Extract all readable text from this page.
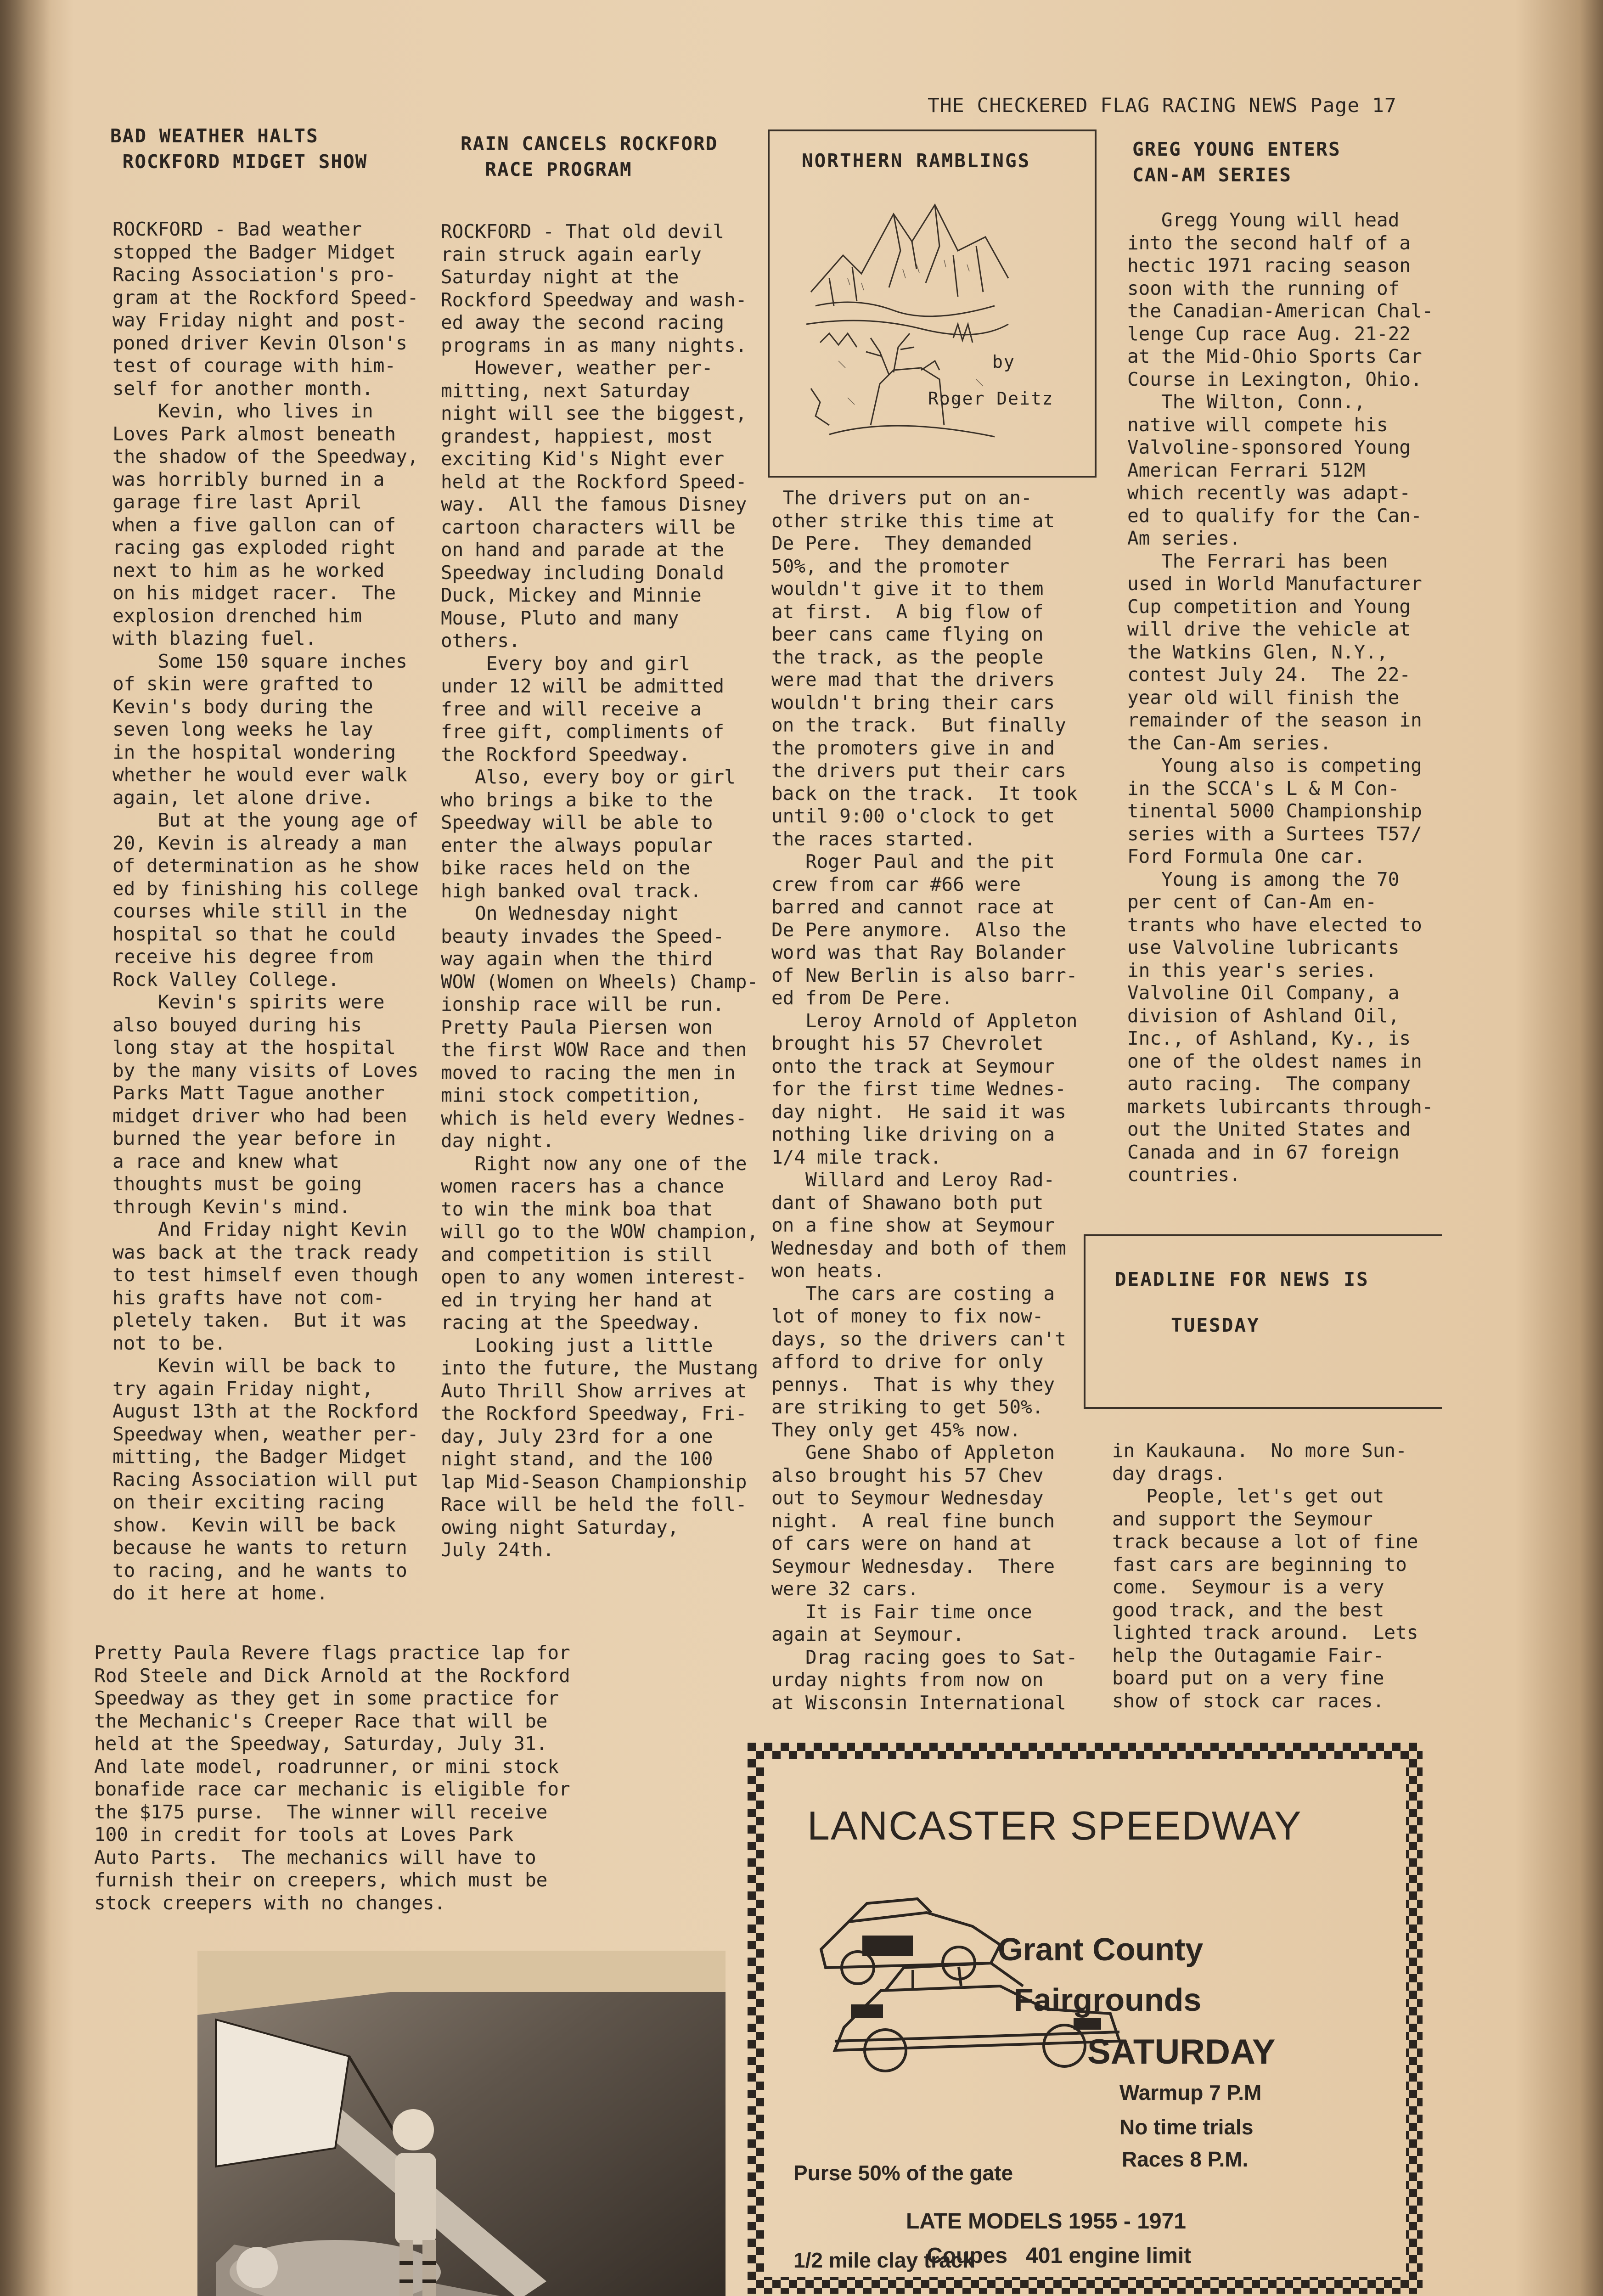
THE CHECKERED FLAG RACING NEWS Page 17
BAD WEATHER HALTS
ROCKFORD MIDGET SHOW
ROCKFORD - Bad weather
stopped the Badger Midget
Racing Association's pro-
gram at the Rockford Speed-
way Friday night and post-
poned driver Kevin Olson's
test of courage with him-
self for another month.
Kevin, who lives in
Loves Park almost beneath
the shadow of the Speedway,
was horribly burned in a
garage fire last April
when a five gallon can of
racing gas exploded right
next to him as he worked
on his midget racer.  The
explosion drenched him
with blazing fuel.
Some 150 square inches
of skin were grafted to
Kevin's body during the
seven long weeks he lay
in the hospital wondering
whether he would ever walk
again, let alone drive.
But at the young age of
20, Kevin is already a man
of determination as he show
ed by finishing his college
courses while still in the
hospital so that he could
receive his degree from
Rock Valley College.
Kevin's spirits were
also bouyed during his
long stay at the hospital
by the many visits of Loves
Parks Matt Tague another
midget driver who had been
burned the year before in
a race and knew what
thoughts must be going
through Kevin's mind.
And Friday night Kevin
was back at the track ready
to test himself even though
his grafts have not com-
pletely taken.  But it was
not to be.
Kevin will be back to
try again Friday night,
August 13th at the Rockford
Speedway when, weather per-
mitting, the Badger Midget
Racing Association will put
on their exciting racing
show.  Kevin will be back
because he wants to return
to racing, and he wants to
do it here at home.
RAIN CANCELS ROCKFORD
RACE PROGRAM
ROCKFORD - That old devil
rain struck again early
Saturday night at the
Rockford Speedway and wash-
ed away the second racing
programs in as many nights.
However, weather per-
mitting, next Saturday
night will see the biggest,
grandest, happiest, most
exciting Kid's Night ever
held at the Rockford Speed-
way.  All the famous Disney
cartoon characters will be
on hand and parade at the
Speedway including Donald
Duck, Mickey and Minnie
Mouse, Pluto and many
others.
Every boy and girl
under 12 will be admitted
free and will receive a
free gift, compliments of
the Rockford Speedway.
Also, every boy or girl
who brings a bike to the
Speedway will be able to
enter the always popular
bike races held on the
high banked oval track.
On Wednesday night
beauty invades the Speed-
way again when the third
WOW (Women on Wheels) Champ-
ionship race will be run.
Pretty Paula Piersen won
the first WOW Race and then
moved to racing the men in
mini stock competition,
which is held every Wednes-
day night.
Right now any one of the
women racers has a chance
to win the mink boa that
will go to the WOW champion,
and competition is still
open to any women interest-
ed in trying her hand at
racing at the Speedway.
Looking just a little
into the future, the Mustang
Auto Thrill Show arrives at
the Rockford Speedway, Fri-
day, July 23rd for a one
night stand, and the 100
lap Mid-Season Championship
Race will be held the foll-
owing night Saturday,
July 24th.
NORTHERN RAMBLINGS
by
Roger Deitz
The drivers put on an-
other strike this time at
De Pere.  They demanded
50%, and the promoter
wouldn't give it to them
at first.  A big flow of
beer cans came flying on
the track, as the people
were mad that the drivers
wouldn't bring their cars
on the track.  But finally
the promoters give in and
the drivers put their cars
back on the track.  It took
until 9:00 o'clock to get
the races started.
Roger Paul and the pit
crew from car #66 were
barred and cannot race at
De Pere anymore.  Also the
word was that Ray Bolander
of New Berlin is also barr-
ed from De Pere.
Leroy Arnold of Appleton
brought his 57 Chevrolet
onto the track at Seymour
for the first time Wednes-
day night.  He said it was
nothing like driving on a
1/4 mile track.
Willard and Leroy Rad-
dant of Shawano both put
on a fine show at Seymour
Wednesday and both of them
won heats.
The cars are costing a
lot of money to fix now-
days, so the drivers can't
afford to drive for only
pennys.  That is why they
are striking to get 50%.
They only get 45% now.
Gene Shabo of Appleton
also brought his 57 Chev
out to Seymour Wednesday
night.  A real fine bunch
of cars were on hand at
Seymour Wednesday.  There
were 32 cars.
It is Fair time once
again at Seymour.
Drag racing goes to Sat-
urday nights from now on
at Wisconsin International
GREG YOUNG ENTERS
CAN-AM SERIES
Gregg Young will head
into the second half of a
hectic 1971 racing season
soon with the running of
the Canadian-American Chal-
lenge Cup race Aug. 21-22
at the Mid-Ohio Sports Car
Course in Lexington, Ohio.
The Wilton, Conn.,
native will compete his
Valvoline-sponsored Young
American Ferrari 512M
which recently was adapt-
ed to qualify for the Can-
Am series.
The Ferrari has been
used in World Manufacturer
Cup competition and Young
will drive the vehicle at
the Watkins Glen, N.Y.,
contest July 24.  The 22-
year old will finish the
remainder of the season in
the Can-Am series.
Young also is competing
in the SCCA's L & M Con-
tinental 5000 Championship
series with a Surtees T57/
Ford Formula One car.
Young is among the 70
per cent of Can-Am en-
trants who have elected to
use Valvoline lubricants
in this year's series.
Valvoline Oil Company, a
division of Ashland Oil,
Inc., of Ashland, Ky., is
one of the oldest names in
auto racing.  The company
markets lubircants through-
out the United States and
Canada and in 67 foreign
countries.
DEADLINE FOR NEWS IS
TUESDAY
in Kaukauna.  No more Sun-
day drags.
People, let's get out
and support the Seymour
track because a lot of fine
fast cars are beginning to
come.  Seymour is a very
good track, and the best
lighted track around.  Lets
help the Outagamie Fair-
board put on a very fine
show of stock car races.
Pretty Paula Revere flags practice lap for
Rod Steele and Dick Arnold at the Rockford
Speedway as they get in some practice for
the Mechanic's Creeper Race that will be
held at the Speedway, Saturday, July 31.
And late model, roadrunner, or mini stock
bonafide race car mechanic is eligible for
the $175 purse.  The winner will receive
100 in credit for tools at Loves Park
Auto Parts.  The mechanics will have to
furnish their on creepers, which must be
stock creepers with no changes.
LANCASTER SPEEDWAY
Grant County
Fairgrounds
SATURDAY
Warmup 7 P.M
No time trials
Races 8 P.M.
Purse 50% of the gate
LATE MODELS 1955 - 1971
Coupes   401 engine limit
1/2 mile clay track
